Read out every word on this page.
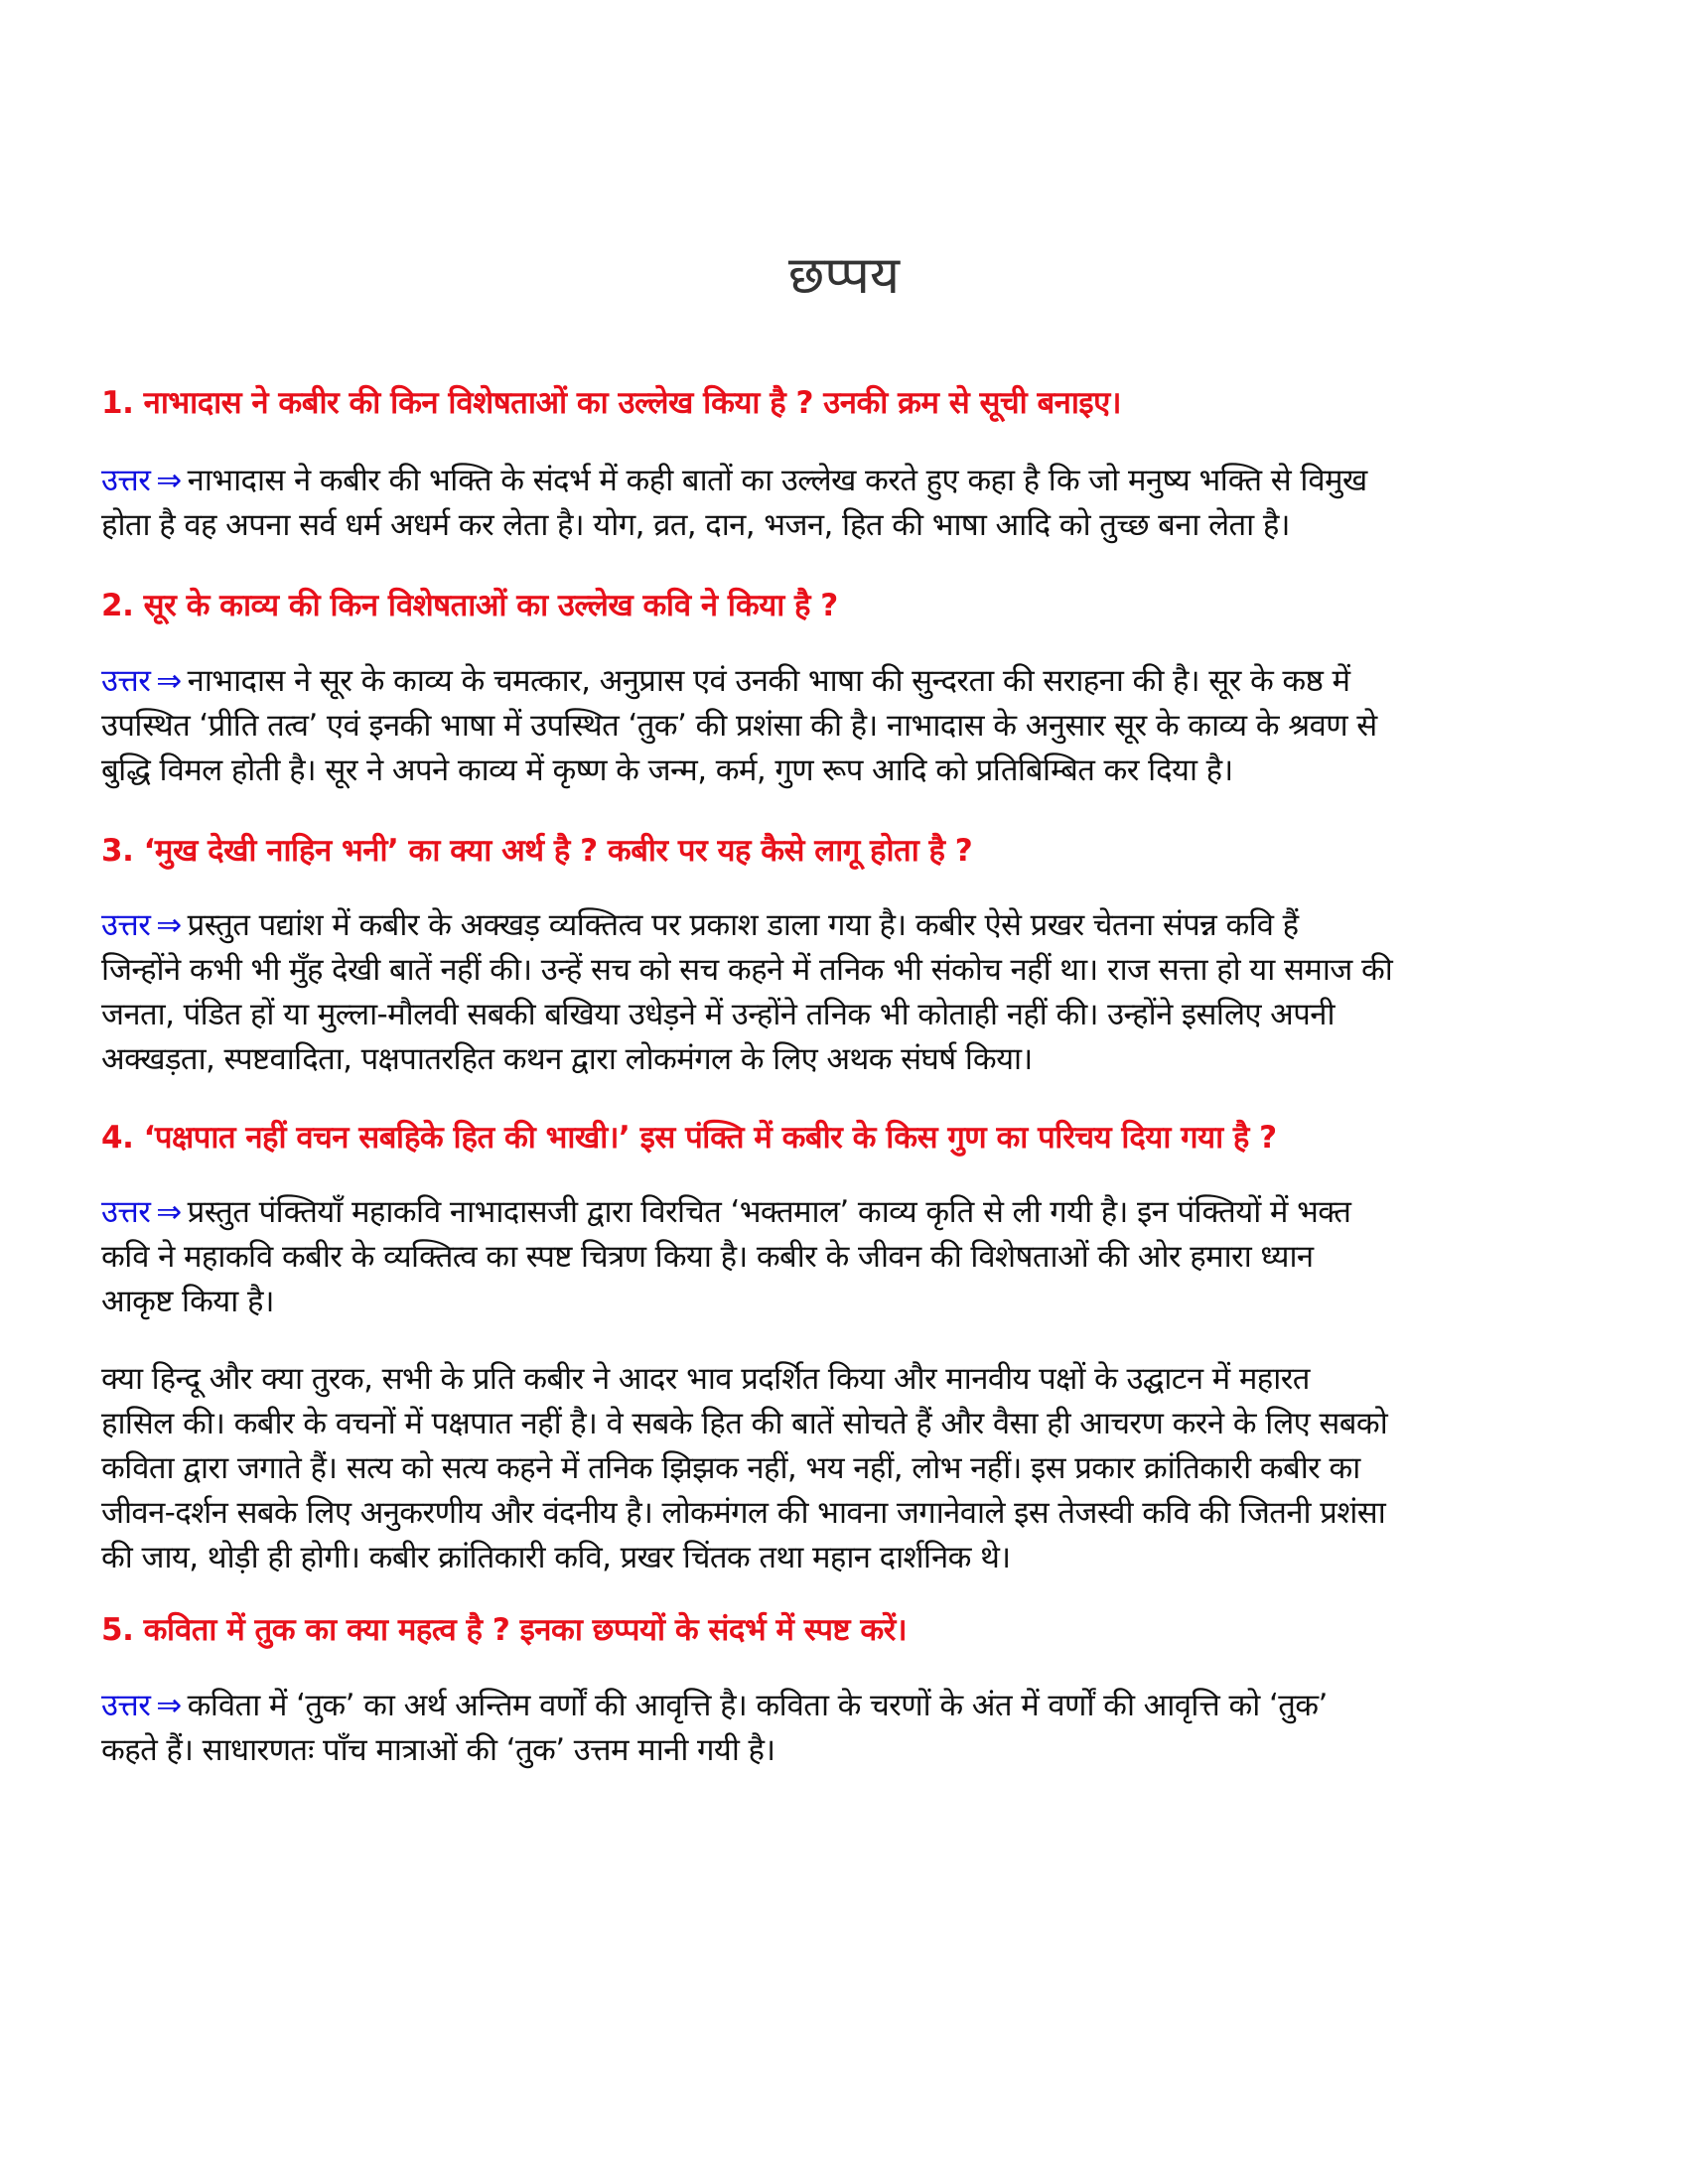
छप्पय
1. नाभादास ने कबीर की किन विशेषताओं का उल्लेख किया है ? उनकी क्रम से सूची बनाइए।
उत्तर ⇒ नाभादास ने कबीर की भक्ति के संदर्भ में कही बातों का उल्लेख करते हुए कहा है कि जो मनुष्य भक्ति से विमुख
होता है वह अपना सर्व धर्म अधर्म कर लेता है। योग, व्रत, दान, भजन, हित की भाषा आदि को तुच्छ बना लेता है।
2. सूर के काव्य की किन विशेषताओं का उल्लेख कवि ने किया है ?
उत्तर ⇒ नाभादास ने सूर के काव्य के चमत्कार, अनुप्रास एवं उनकी भाषा की सुन्दरता की सराहना की है। सूर के कष्ठ में
उपस्थित ‘प्रीति तत्व’ एवं इनकी भाषा में उपस्थित ‘तुक’ की प्रशंसा की है। नाभादास के अनुसार सूर के काव्य के श्रवण से
बुद्धि विमल होती है। सूर ने अपने काव्य में कृष्ण के जन्म, कर्म, गुण रूप आदि को प्रतिबिम्बित कर दिया है।
3. ‘मुख देखी नाहिन भनी’ का क्या अर्थ है ? कबीर पर यह कैसे लागू होता है ?
उत्तर ⇒ प्रस्तुत पद्यांश में कबीर के अक्खड़ व्यक्तित्व पर प्रकाश डाला गया है। कबीर ऐसे प्रखर चेतना संपन्न कवि हैं
जिन्होंने कभी भी मुँह देखी बातें नहीं की। उन्हें सच को सच कहने में तनिक भी संकोच नहीं था। राज सत्ता हो या समाज की
जनता, पंडित हों या मुल्ला-मौलवी सबकी बखिया उधेड़ने में उन्होंने तनिक भी कोताही नहीं की। उन्होंने इसलिए अपनी
अक्खड़ता, स्पष्टवादिता, पक्षपातरहित कथन द्वारा लोकमंगल के लिए अथक संघर्ष किया।
4. ‘पक्षपात नहीं वचन सबहिके हित की भाखी।’ इस पंक्ति में कबीर के किस गुण का परिचय दिया गया है ?
उत्तर ⇒ प्रस्तुत पंक्तियाँ महाकवि नाभादासजी द्वारा विरचित ‘भक्तमाल’ काव्य कृति से ली गयी है। इन पंक्तियों में भक्त
कवि ने महाकवि कबीर के व्यक्तित्व का स्पष्ट चित्रण किया है। कबीर के जीवन की विशेषताओं की ओर हमारा ध्यान
आकृष्ट किया है।
क्या हिन्दू और क्या तुरक, सभी के प्रति कबीर ने आदर भाव प्रदर्शित किया और मानवीय पक्षों के उद्घाटन में महारत
हासिल की। कबीर के वचनों में पक्षपात नहीं है। वे सबके हित की बातें सोचते हैं और वैसा ही आचरण करने के लिए सबको
कविता द्वारा जगाते हैं। सत्य को सत्य कहने में तनिक झिझक नहीं, भय नहीं, लोभ नहीं। इस प्रकार क्रांतिकारी कबीर का
जीवन-दर्शन सबके लिए अनुकरणीय और वंदनीय है। लोकमंगल की भावना जगानेवाले इस तेजस्वी कवि की जितनी प्रशंसा
की जाय, थोड़ी ही होगी। कबीर क्रांतिकारी कवि, प्रखर चिंतक तथा महान दार्शनिक थे।
5. कविता में तुक का क्या महत्व है ? इनका छप्पयों के संदर्भ में स्पष्ट करें।
उत्तर ⇒ कविता में ‘तुक’ का अर्थ अन्तिम वर्णों की आवृत्ति है। कविता के चरणों के अंत में वर्णों की आवृत्ति को ‘तुक’
कहते हैं। साधारणतः पाँच मात्राओं की ‘तुक’ उत्तम मानी गयी है।
